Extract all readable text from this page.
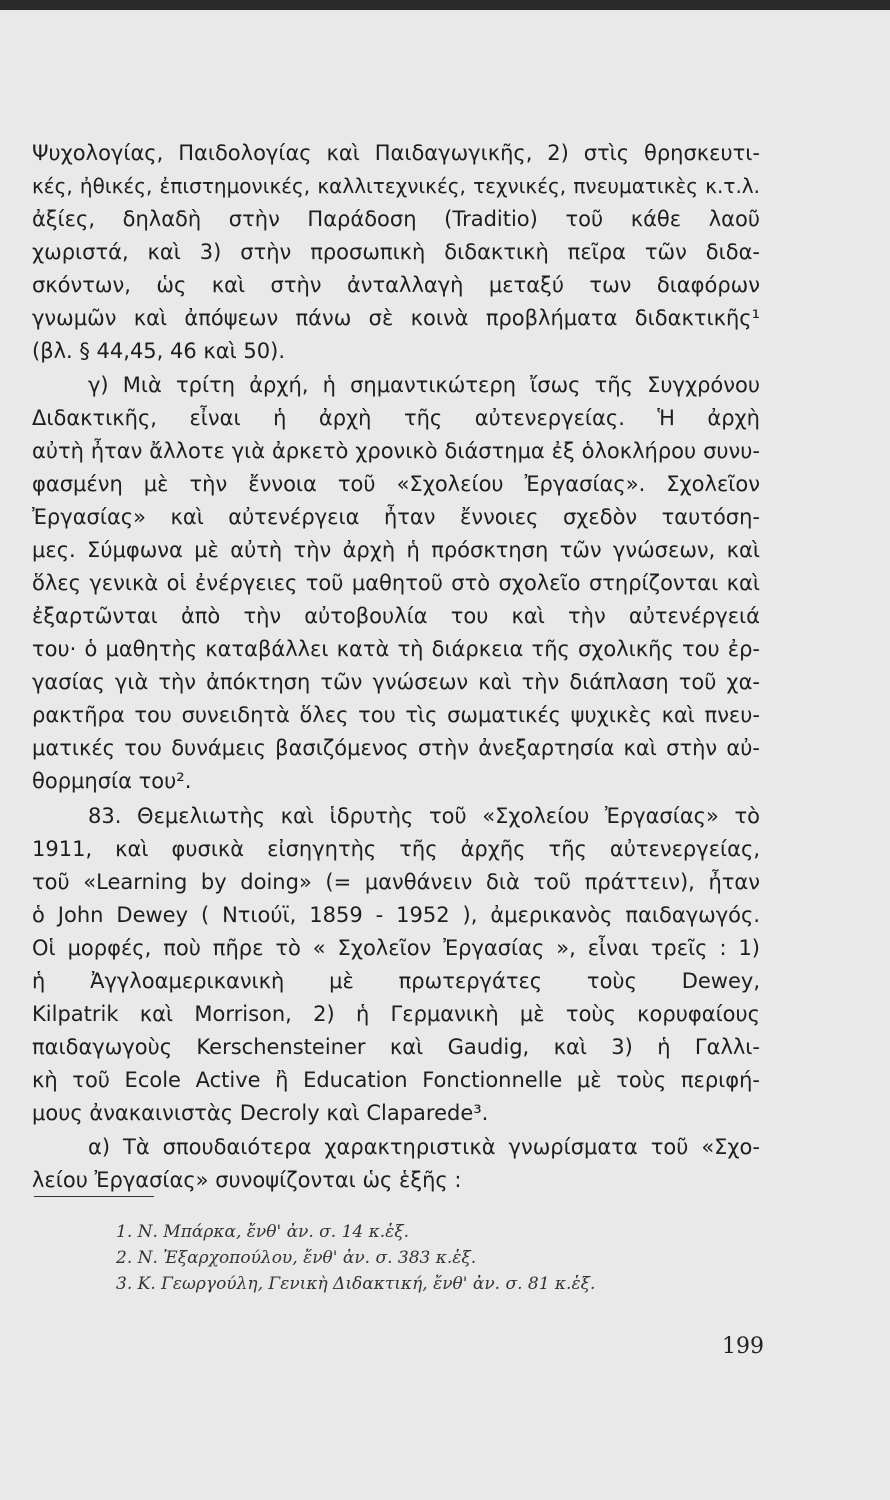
Ψυχολογίας, Παιδολογίας καὶ Παιδαγωγικῆς, 2) στὶς θρησκευτι-
κές, ἠθικές, ἐπιστημονικές, καλλιτεχνικές, τεχνικές, πνευματικὲς κ.τ.λ.
ἀξίες, δηλαδὴ στὴν Παράδοση (Traditio) τοῦ κάθε λαοῦ
χωριστά, καὶ 3) στὴν προσωπικὴ διδακτικὴ πεῖρα τῶν διδα-
σκόντων, ὡς καὶ στὴν ἀνταλλαγὴ μεταξύ των διαφόρων
γνωμῶν καὶ ἀπόψεων πάνω σὲ κοινὰ προβλήματα διδακτικῆς¹
(βλ. § 44,45, 46 καὶ 50).
γ) Μιὰ τρίτη ἀρχή, ἡ σημαντικώτερη ἴσως τῆς Συγχρόνου
Διδακτικῆς, εἶναι ἡ ἀρχὴ τῆς αὐτενεργείας. Ἡ ἀρχὴ
αὐτὴ ἦταν ἄλλοτε γιὰ ἀρκετὸ χρονικὸ διάστημα ἐξ ὁλοκλήρου συνυ-
φασμένη μὲ τὴν ἔννοια τοῦ «Σχολείου Ἐργασίας». Σχολεῖον
Ἐργασίας» καὶ αὐτενέργεια ἦταν ἔννοιες σχεδὸν ταυτόση-
μες. Σύμφωνα μὲ αὐτὴ τὴν ἀρχὴ ἡ πρόσκτηση τῶν γνώσεων, καὶ
ὅλες γενικὰ οἱ ἐνέργειες τοῦ μαθητοῦ στὸ σχολεῖο στηρίζονται καὶ
ἐξαρτῶνται ἀπὸ τὴν αὐτοβουλία του καὶ τὴν αὐτενέργειά
του· ὁ μαθητὴς καταβάλλει κατὰ τὴ διάρκεια τῆς σχολικῆς του ἐρ-
γασίας γιὰ τὴν ἀπόκτηση τῶν γνώσεων καὶ τὴν διάπλαση τοῦ χα-
ρακτῆρα του συνειδητὰ ὅλες του τὶς σωματικές ψυχικὲς καὶ πνευ-
ματικές του δυνάμεις βασιζόμενος στὴν ἀνεξαρτησία καὶ στὴν αὐ-
θορμησία του².
83. Θεμελιωτὴς καὶ ἱδρυτὴς τοῦ «Σχολείου Ἐργασίας» τὸ
1911, καὶ φυσικὰ εἰσηγητὴς τῆς ἀρχῆς τῆς αὐτενεργείας,
τοῦ «Learning by doing» (= μανθάνειν διὰ τοῦ πράττειν), ἦταν
ὁ John Dewey ( Ντιούϊ, 1859 - 1952 ), ἀμερικανὸς παιδαγωγός.
Οἱ μορφές, ποὺ πῆρε τὸ « Σχολεῖον Ἐργασίας », εἶναι τρεῖς : 1)
ἡ Ἀγγλοαμερικανικὴ μὲ πρωτεργάτες τοὺς Dewey,
Kilpatrik καὶ Morrison, 2) ἡ Γερμανικὴ μὲ τοὺς κορυφαίους
παιδαγωγοὺς Kerschensteiner καὶ Gaudig, καὶ 3) ἡ Γαλλι-
κὴ τοῦ Ecole Active ἢ Education Fonctionnelle μὲ τοὺς περιφή-
μους ἀνακαινιστὰς Decroly καὶ Claparede³.
α) Τὰ σπουδαιότερα χαρακτηριστικὰ γνωρίσματα τοῦ «Σχο-
λείου Ἐργασίας» συνοψίζονται ὡς ἑξῆς :
1. Ν. Μπάρκα, ἔνθ' ἀν. σ. 14 κ.ἑξ.
2. Ν. Ἐξαρχοπούλου, ἔνθ' ἀν. σ. 383 κ.ἑξ.
3. Κ. Γεωργούλη, Γενικὴ Διδακτική, ἔνθ' ἀν. σ. 81 κ.ἑξ.
199
